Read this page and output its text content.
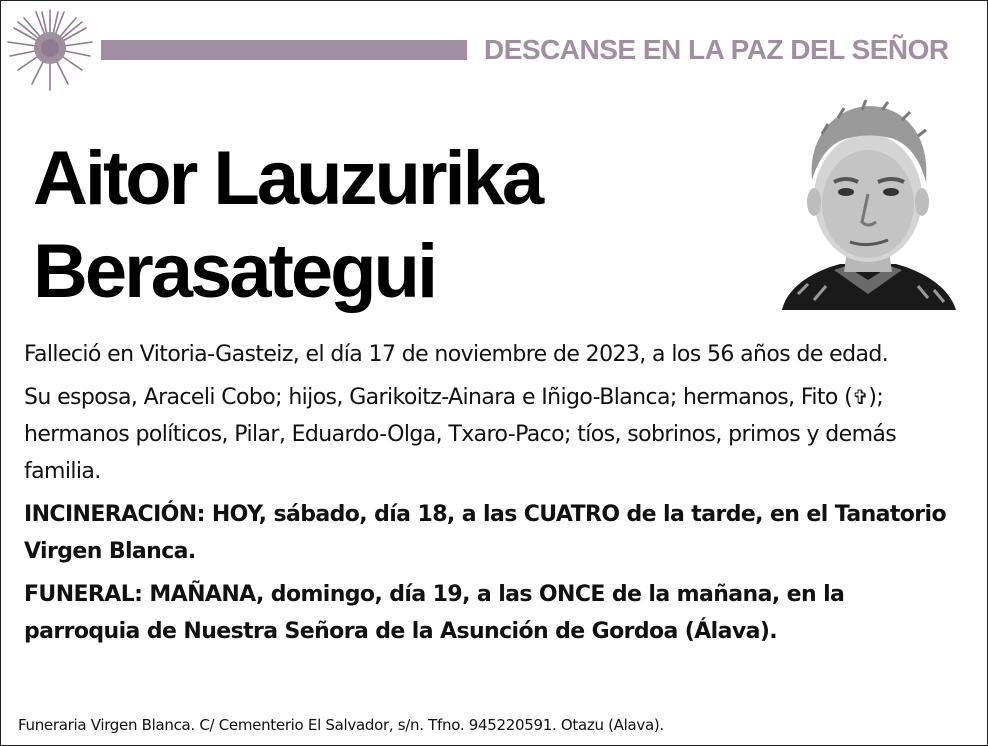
DESCANSE EN LA PAZ DEL SEÑOR
Aitor Lauzurika
Berasategui

Falleció en Vitoria-Gasteiz, el día 17 de noviembre de 2023, a los 56 años de edad.

Su esposa, Araceli Cobo; hijos, Garikoitz-Ainara e Iñigo-Blanca; hermanos, Fito (✞); hermanos políticos, Pilar, Eduardo-Olga, Txaro-Paco; tíos, sobrinos, primos y demás familia.

INCINERACIÓN: HOY, sábado, día 18, a las CUATRO de la tarde, en el Tanatorio Virgen Blanca.

FUNERAL: MAÑANA, domingo, día 19, a las ONCE de la mañana, en la parroquia de Nuestra Señora de la Asunción de Gordoa (Álava).

Funeraria Virgen Blanca. C/ Cementerio El Salvador, s/n. Tfno. 945220591. Otazu (Alava).
